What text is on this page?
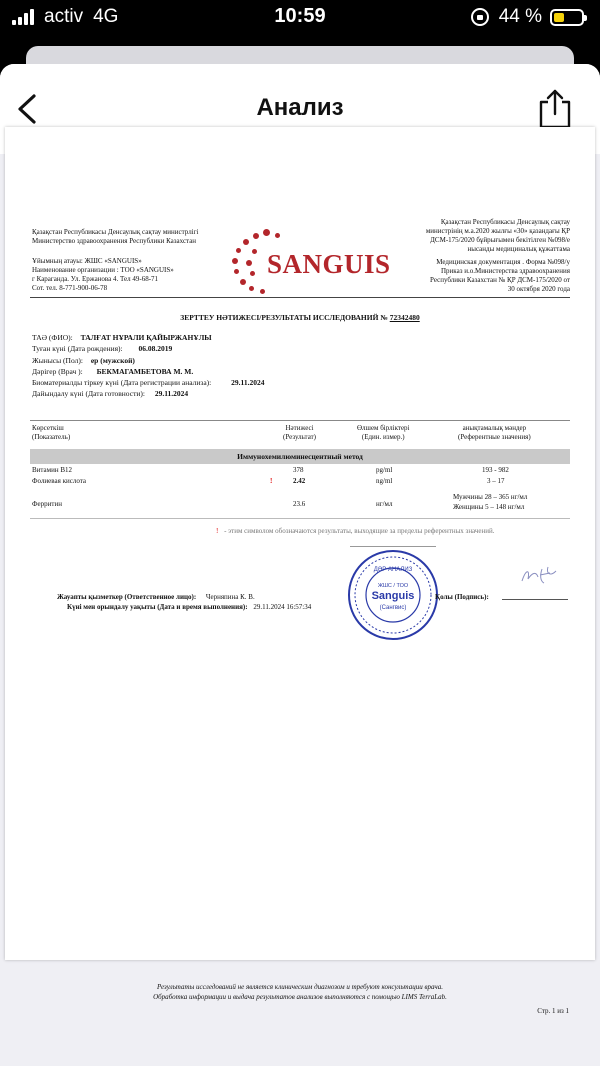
activ 4G	10:59	44 %
Анализ
Қазақстан Республикасы Денсаулық сақтау министрлігі
Министерство здравоохранения Республики Казахстан
Қазақстан Республикасы Денсаулық сақтау
министрінің м.а.2020 жылғы «30» қазандағы ҚР
ДСМ-175/2020 бұйрығымен бекітілген №098/е
нысанды медициналық құжаттама
Ұйымның атауы: ЖШС «SANGUIS»
Наименование организации : ТОО «SANGUIS»
г Караганда. Ул. Ержанова 4. Тел 49-68-71
Сот. тел. 8-771-900-06-78
SANGUIS	Медицинская документация . Форма №098/у
Приказ и.о.Министерства здравоохранения
Республики Казахстан № ҚР ДСМ-175/2020 от
30 октября 2020 года
ЗЕРТТЕУ НӘТИЖЕСІ/РЕЗУЛЬТАТЫ ИССЛЕДОВАНИЙ № 72342480
ТАӘ (ФИО): ТАЛҒАТ НҰРАЛИ ҚАЙЫРЖАНҰЛЫ
Туған күні (Дата рождения): 06.08.2019
Жынысы (Пол): ер (мужской)
Дәрігер (Врач ): БЕКМАГАМБЕТОВА М. М.
Биоматериалды тіркеу күні (Дата регистрации анализа):	29.11.2024
Дайындалу күні (Дата готовности): 29.11.2024
Көрсеткіш
(Показатель)
Нәтижесі
(Результат)
Өлшем бірліктері
(Един. измер.)
анықтамалық мәндер
(Референтные значения)
Иммунохемилюминесцентный метод
Витамин B12	378	pg/ml	193 - 982
Фолиевая кислота	!	2.42	ng/ml	3 – 17
Ферритин	23.6	нг/мл
Мужчины 28 – 365 нг/мл
Женщины 5 – 148 нг/мл
! - этим символом обозначаются результаты, выходящие за пределы референтных значений.
ДӘР АНАЛИЗ
ЖШС / ТОО
Sanguis
(Сангвис)
Жауапты қызметкер (Ответственное лицо): Черняпина К. В.	Қолы (Подпись):
Күні мен орындалу уақыты (Дата и время выполнения): 29.11.2024 16:57:34
Результаты исследований не является клиническим диагнозом и требуют консультации врача.
Обработка информации и выдача результатов анализов выполняются с помощью LIMS TerraLab.
Стр. 1 из 1
